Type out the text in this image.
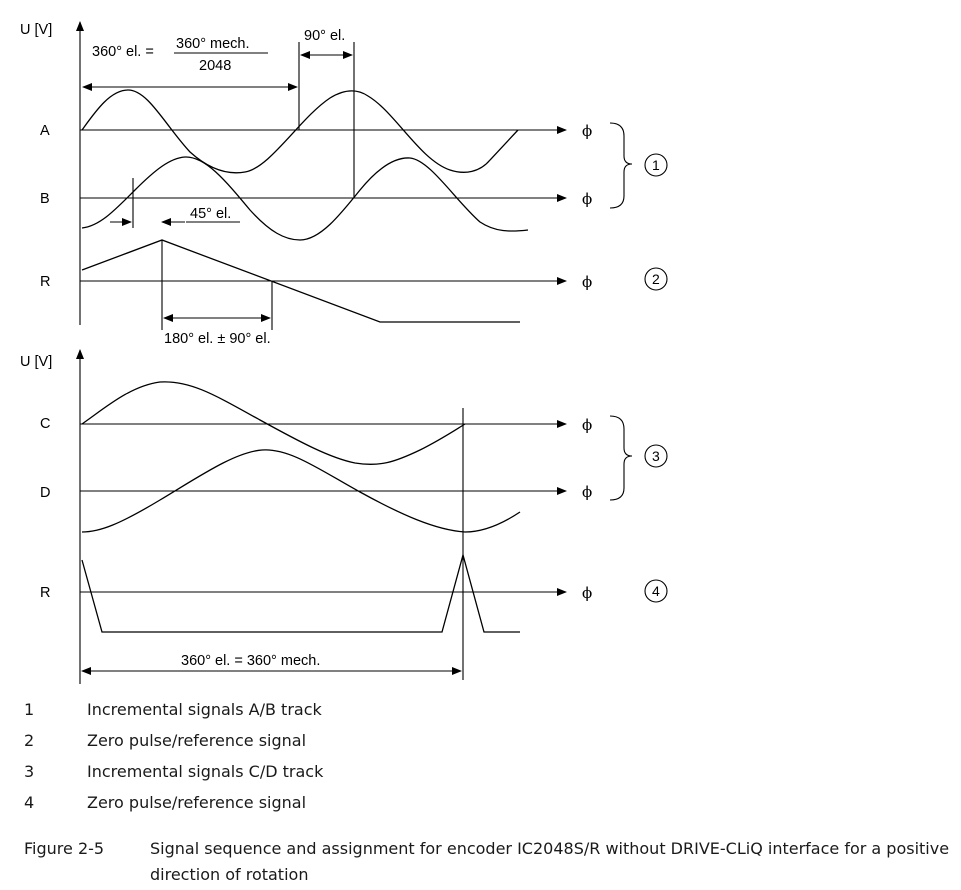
U [V]
360° el. = 360° mech.
2048
90° el.
A	ϕ
B	ϕ
45° el.
R	ϕ
180° el. ± 90° el.
1
2
U [V]
C	ϕ
D	ϕ
R	ϕ
360° el. = 360° mech.
3
4
1	Incremental signals A/B track
2	Zero pulse/reference signal
3	Incremental signals C/D track
4	Zero pulse/reference signal
Figure 2-5	Signal sequence and assignment for encoder IC2048S/R without DRIVE-CLiQ interface for a positive direction of rotation
